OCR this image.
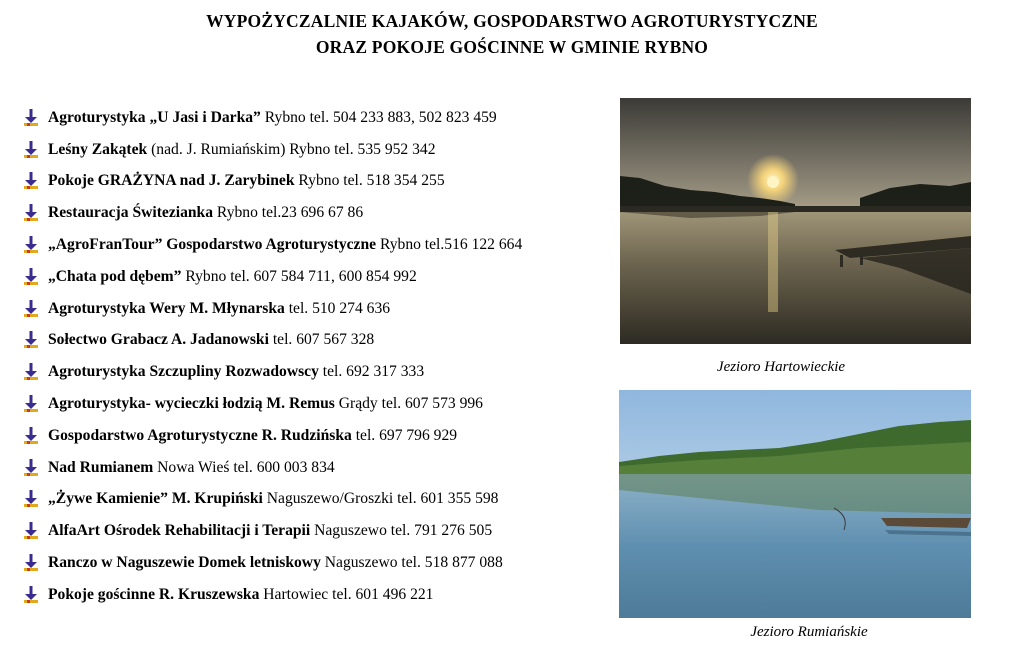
WYPOŻYCZALNIE KAJAKÓW, GOSPODARSTWO AGROTURYSTYCZNE
ORAZ POKOJE GOŚCINNE W GMINIE RYBNO
Agroturystyka „U Jasi i Darka” Rybno tel. 504 233 883, 502 823 459
Leśny Zakątek (nad. J. Rumiańskim) Rybno tel. 535 952 342
Pokoje GRAŻYNA nad J. Zarybinek Rybno tel. 518 354 255
Restauracja Świtezianka Rybno tel.23 696 67 86
„AgroFranTour” Gospodarstwo Agroturystyczne Rybno tel.516 122 664
„Chata pod dębem” Rybno tel. 607 584 711, 600 854 992
Agroturystyka Wery M. Młynarska tel. 510 274 636
Sołectwo Grabacz A. Jadanowski tel. 607 567 328
Agroturystyka Szczupliny Rozwadowscy tel. 692 317 333
Agroturystyka- wycieczki łodzią M. Remus Grądy tel. 607 573 996
Gospodarstwo Agroturystyczne R. Rudzińska tel. 697 796 929
Nad Rumianem Nowa Wieś tel. 600 003 834
„Żywe Kamienie” M. Krupiński Naguszewo/Groszki tel. 601 355 598
AlfaArt Ośrodek Rehabilitacji i Terapii Naguszewo tel. 791 276 505
Ranczo w Naguszewie Domek letniskowy Naguszewo tel. 518 877 088
Pokoje gościnne R. Kruszewska Hartowiec tel. 601 496 221
Jezioro Hartowieckie
Jezioro Rumiańskie
